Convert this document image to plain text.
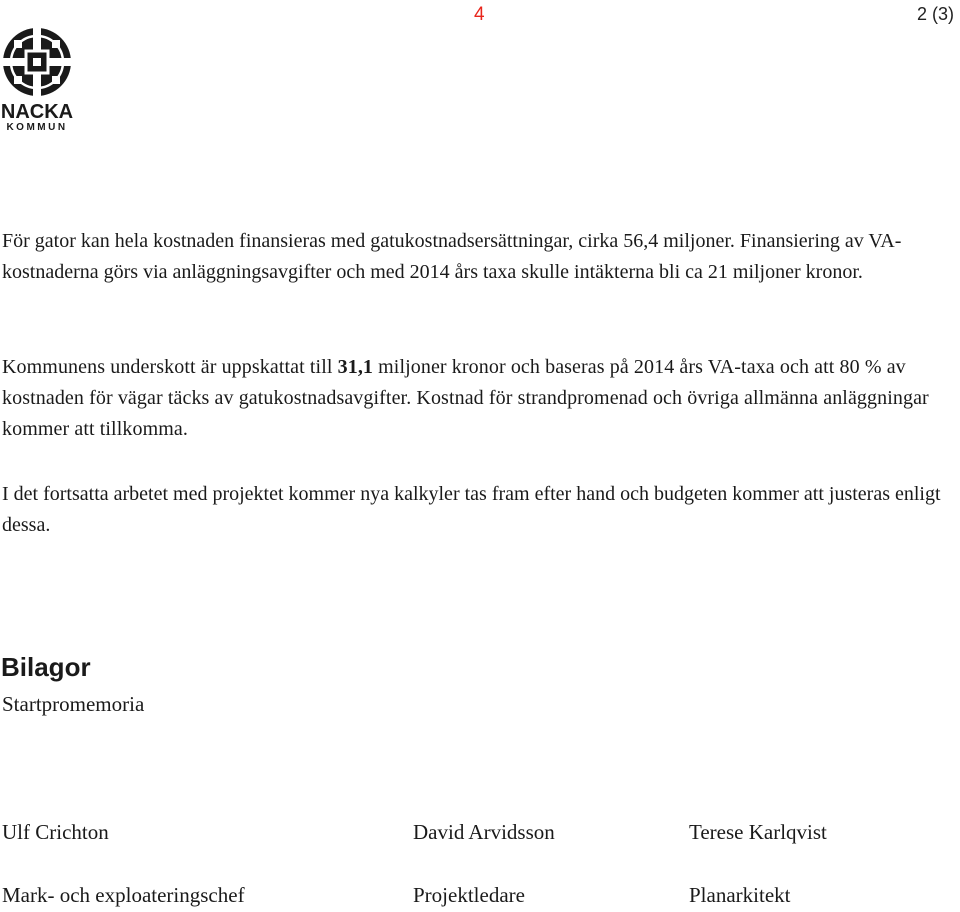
4	2 (3)
NACKA
KOMMUN

För gator kan hela kostnaden finansieras med gatukostnadsersättningar, cirka 56,4 miljoner. Finansiering av VA-kostnaderna görs via anläggningsavgifter och med 2014 års taxa skulle intäkterna bli ca 21 miljoner kronor.

Kommunens underskott är uppskattat till 31,1 miljoner kronor och baseras på 2014 års VA-taxa och att 80 % av kostnaden för vägar täcks av gatukostnadsavgifter. Kostnad för strandpromenad och övriga allmänna anläggningar kommer att tillkomma.

I det fortsatta arbetet med projektet kommer nya kalkyler tas fram efter hand och budgeten kommer att justeras enligt dessa.

Bilagor
Startpromemoria
Ulf Crichton	David Arvidsson	Terese Karlqvist
Mark- och exploateringschef	Projektledare	Planarkitekt
